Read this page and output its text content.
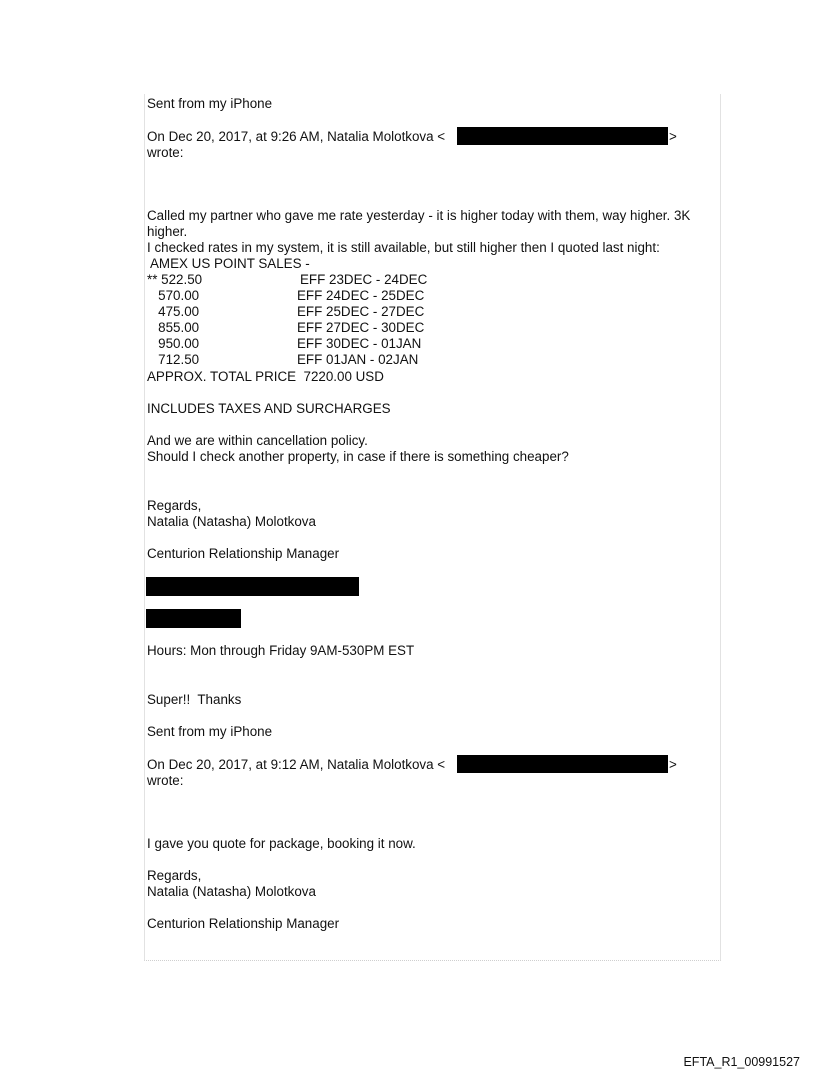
Sent from my iPhone
On Dec 20, 2017, at 9:26 AM, Natalia Molotkova <	>
wrote:
Called my partner who gave me rate yesterday - it is higher today with them, way higher. 3K
higher.
I checked rates in my system, it is still available, but still higher then I quoted last night:
AMEX US POINT SALES -
** 522.50	EFF 23DEC - 24DEC
570.00	EFF 24DEC - 25DEC
475.00	EFF 25DEC - 27DEC
855.00	EFF 27DEC - 30DEC
950.00	EFF 30DEC - 01JAN
712.50	EFF 01JAN - 02JAN
APPROX. TOTAL PRICE  7220.00 USD
INCLUDES TAXES AND SURCHARGES
And we are within cancellation policy.
Should I check another property, in case if there is something cheaper?
Regards,
Natalia (Natasha) Molotkova
Centurion Relationship Manager
Hours: Mon through Friday 9AM-530PM EST
Super!!  Thanks
Sent from my iPhone
On Dec 20, 2017, at 9:12 AM, Natalia Molotkova <	>
wrote:
I gave you quote for package, booking it now.
Regards,
Natalia (Natasha) Molotkova
Centurion Relationship Manager
EFTA_R1_00991527
